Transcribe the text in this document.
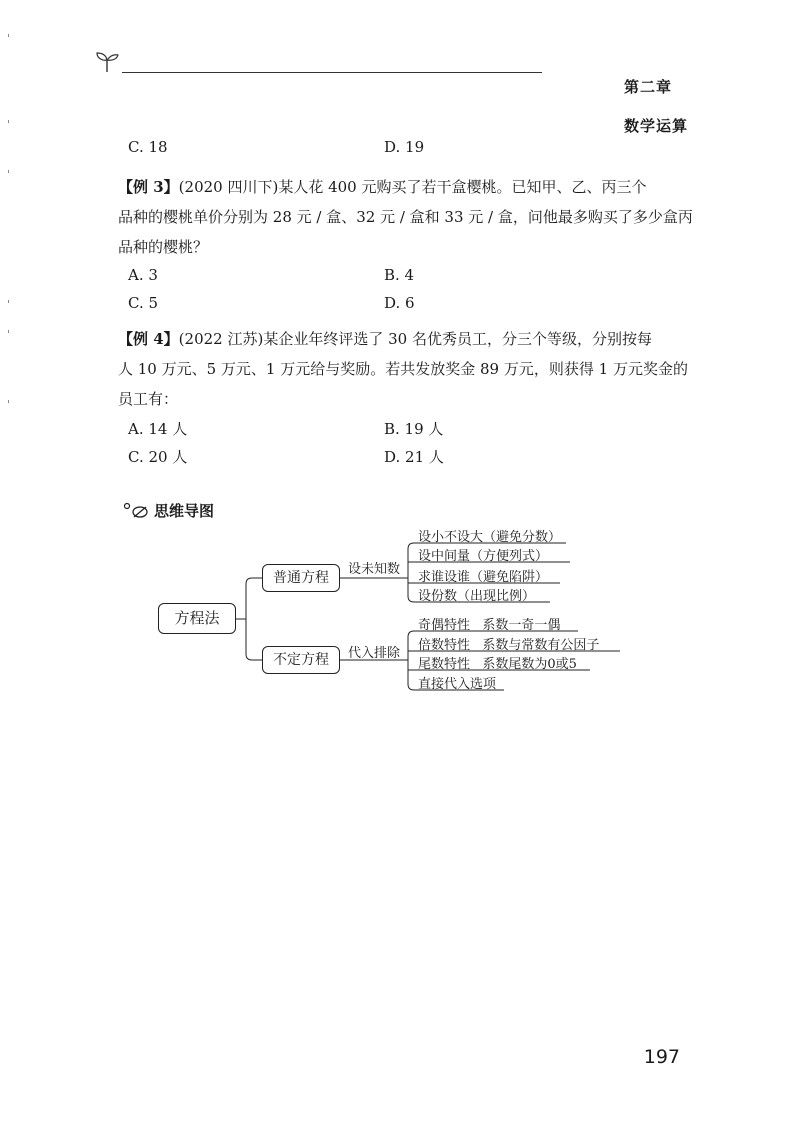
第二章

数学运算

C. 18	D. 19
【例 3】(2020 四川下)某人花 400 元购买了若干盒樱桃。已知甲、乙、丙三个
品种的樱桃单价分别为 28 元 / 盒、32 元 / 盒和 33 元 / 盒，问他最多购买了多少盒丙
品种的樱桃？
A. 3	B. 4
C. 5	D. 6
【例 4】(2022 江苏)某企业年终评选了 30 名优秀员工，分三个等级，分别按每
人 10 万元、5 万元、1 万元给与奖励。若共发放奖金 89 万元，则获得 1 万元奖金的
员工有：
A. 14 人	B. 19 人
C. 20 人	D. 21 人
思维导图
方程法
普通方程
不定方程
设未知数
代入排除
设小不设大（避免分数）
设中间量（方便列式）
求谁设谁（避免陷阱）
设份数（出现比例）
奇偶特性   系数一奇一偶
倍数特性   系数与常数有公因子
尾数特性   系数尾数为0或5
直接代入选项
197
